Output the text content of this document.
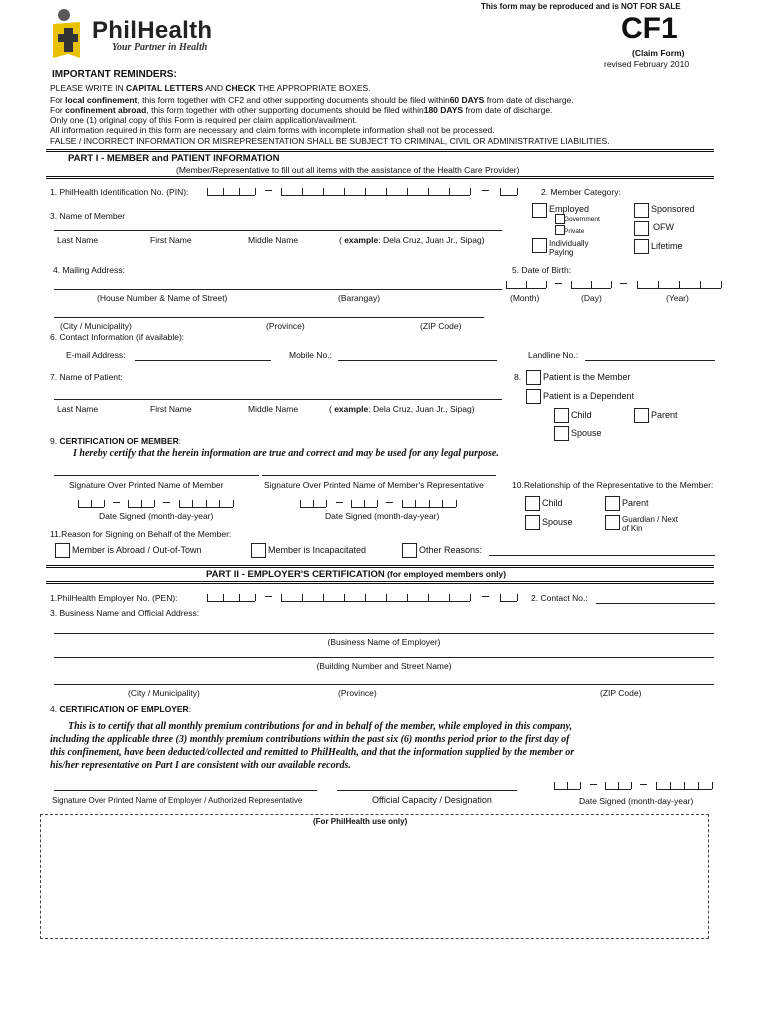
PhilHealth
Your Partner in Health
This form may be reproduced and is NOT FOR SALE
CF1
(Claim Form)
revised February 2010
IMPORTANT REMINDERS:
PLEASE WRITE IN CAPITAL LETTERS AND CHECK THE APPROPRIATE BOXES.
For local confinement, this form together with CF2 and other supporting documents should be filed within60 DAYS from date of discharge.
For confinement abroad, this form together with other supporting documents should be filed within180 DAYS from date of discharge.
Only one (1) original copy of this Form is required per claim application/availment.
All information required in this form are necessary and claim forms with incomplete information shall not be processed.
FALSE / INCORRECT INFORMATION OR MISREPRESENTATION SHALL BE SUBJECT TO CRIMINAL, CIVIL OR ADMINISTRATIVE LIABILITIES.
PART I - MEMBER and PATIENT INFORMATION
(Member/Representative to fill out all items with the assistance of the Health Care Provider)
1. PhilHealth Identification No. (PIN):	2. Member Category:
Employed
Government
Private
Individually
Paying
Sponsored
OFW
Lifetime
3. Name of Member
Last Name	First Name	Middle Name	( example: Dela Cruz, Juan Jr., Sipag)
4. Mailing Address:	5. Date of Birth:
(House Number & Name of Street)	(Barangay)	(Month)	(Day)	(Year)
(City / Municipality)	(Province)	(ZIP Code)
6. Contact Information (if available):
E-mail Address:	Mobile No.:	Landline No.:
7. Name of Patient:	8. Patient is the Member
Patient is a Dependent
Last Name	First Name	Middle Name	( example: Dela Cruz, Juan Jr., Sipag)
Child	Parent
Spouse
9. CERTIFICATION OF MEMBER:
I hereby certify that the herein information are true and correct and may be used for any legal purpose.
Signature Over Printed Name of Member	Signature Over Printed Name of Member's Representative	10.Relationship of the Representative to the Member:
Date Signed (month-day-year)	Date Signed (month-day-year)
Child	Parent
Spouse	Guardian / Next
of Kin
11.Reason for Signing on Behalf of the Member:
Member is Abroad / Out-of-Town	Member is Incapacitated	Other Reasons:
PART II - EMPLOYER'S CERTIFICATION (for employed members only)
1.PhilHealth Employer No. (PEN):	2. Contact No.:
3. Business Name and Official Address:
(Business Name of Employer)
(Building Number and Street Name)
(City / Municipality)	(Province)	(ZIP Code)
4. CERTIFICATION OF EMPLOYER:
This is to certify that all monthly premium contributions for and in behalf of the member, while employed in this company,
including the applicable three (3) monthly premium contributions within the past six (6) months period prior to the first day of
this confinement, have been deducted/collected and remitted to PhilHealth, and that the information supplied by the member or
his/her representative on Part I are consistent with our available records.
Signature Over Printed Name of Employer / Authorized Representative	Official Capacity / Designation	Date Signed (month-day-year)
(For PhilHealth use only)
